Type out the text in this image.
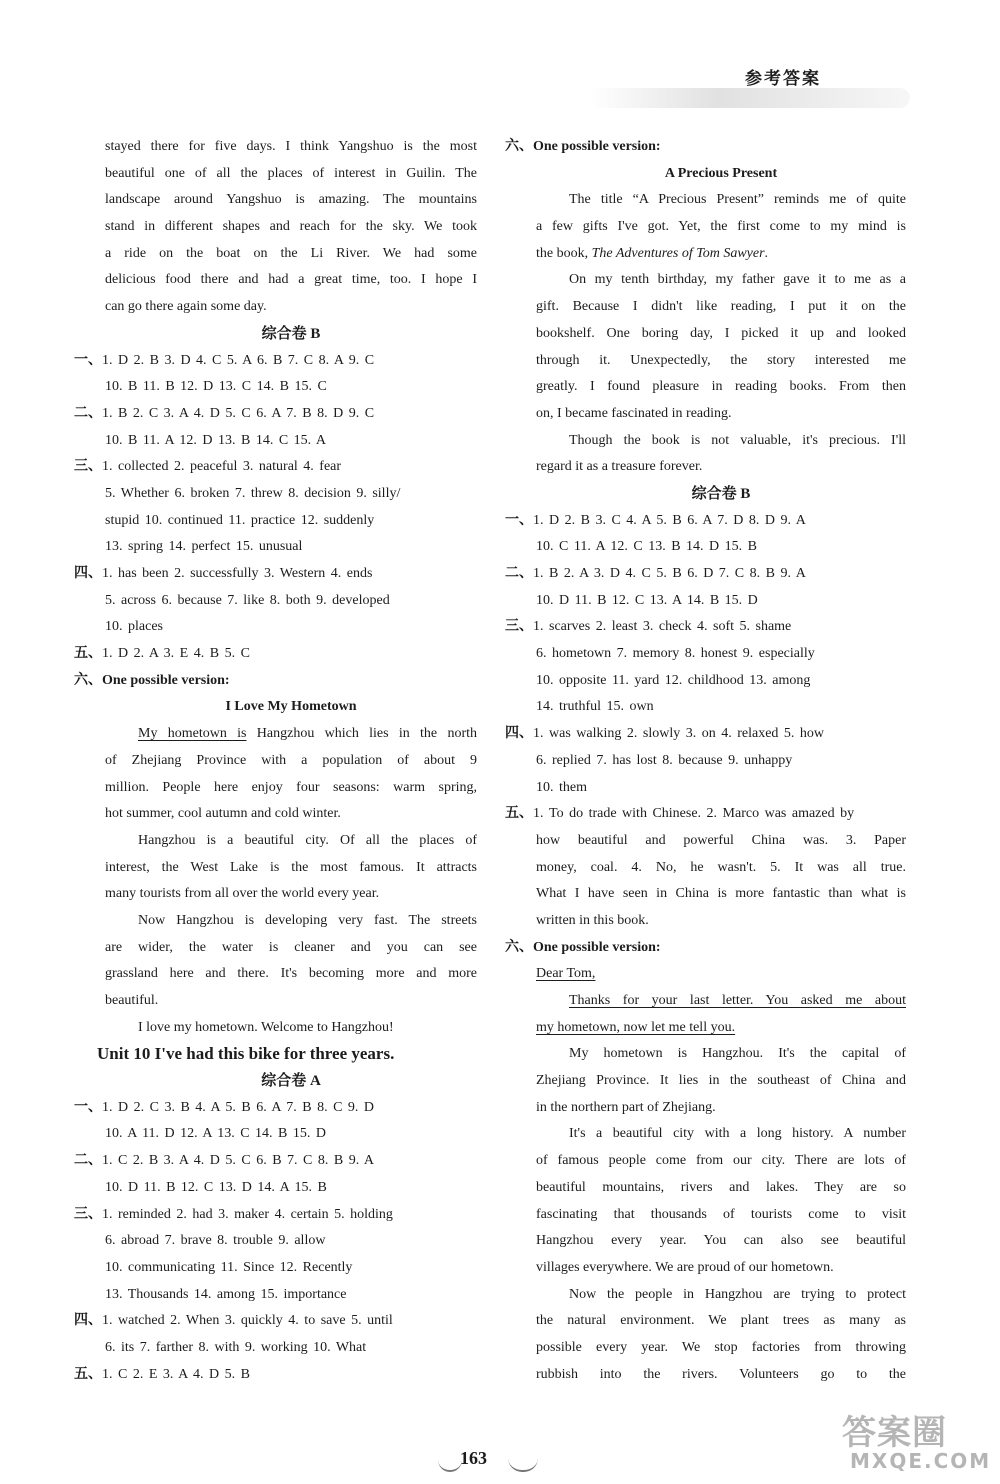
参考答案
stayed there for five days. I think Yangshuo is the most
beautiful one of all the places of interest in Guilin. The
landscape around Yangshuo is amazing. The mountains
stand in different shapes and reach for the sky. We took
a ride on the boat on the Li River. We had some
delicious food there and had a great time, too. I hope I
can go there again some day.
综合卷 B
一、1. D 2. B 3. D 4. C 5. A 6. B 7. C 8. A 9. C
10. B 11. B 12. D 13. C 14. B 15. C
二、1. B 2. C 3. A 4. D 5. C 6. A 7. B 8. D 9. C
10. B 11. A 12. D 13. B 14. C 15. A
三、1. collected 2. peaceful 3. natural 4. fear
5. Whether 6. broken 7. threw 8. decision 9. silly/
stupid 10. continued 11. practice 12. suddenly
13. spring 14. perfect 15. unusual
四、1. has been 2. successfully 3. Western 4. ends
5. across 6. because 7. like 8. both 9. developed
10. places
五、1. D 2. A 3. E 4. B 5. C
六、One possible version:
I Love My Hometown
My hometown is Hangzhou which lies in the north
of Zhejiang Province with a population of about 9
million. People here enjoy four seasons: warm spring,
hot summer, cool autumn and cold winter.
Hangzhou is a beautiful city. Of all the places of
interest, the West Lake is the most famous. It attracts
many tourists from all over the world every year.
Now Hangzhou is developing very fast. The streets
are wider, the water is cleaner and you can see
grassland here and there. It's becoming more and more
beautiful.
I love my hometown. Welcome to Hangzhou!
Unit 10 I've had this bike for three years.
综合卷 A
一、1. D 2. C 3. B 4. A 5. B 6. A 7. B 8. C 9. D
10. A 11. D 12. A 13. C 14. B 15. D
二、1. C 2. B 3. A 4. D 5. C 6. B 7. C 8. B 9. A
10. D 11. B 12. C 13. D 14. A 15. B
三、1. reminded 2. had 3. maker 4. certain 5. holding
6. abroad 7. brave 8. trouble 9. allow
10. communicating 11. Since 12. Recently
13. Thousands 14. among 15. importance
四、1. watched 2. When 3. quickly 4. to save 5. until
6. its 7. farther 8. with 9. working 10. What
五、1. C 2. E 3. A 4. D 5. B
六、One possible version:
A Precious Present
The title “A Precious Present” reminds me of quite
a few gifts I've got. Yet, the first come to my mind is
the book, The Adventures of Tom Sawyer.
On my tenth birthday, my father gave it to me as a
gift. Because I didn't like reading, I put it on the
bookshelf. One boring day, I picked it up and looked
through it. Unexpectedly, the story interested me
greatly. I found pleasure in reading books. From then
on, I became fascinated in reading.
Though the book is not valuable, it's precious. I'll
regard it as a treasure forever.
综合卷 B
一、1. D 2. B 3. C 4. A 5. B 6. A 7. D 8. D 9. A
10. C 11. A 12. C 13. B 14. D 15. B
二、1. B 2. A 3. D 4. C 5. B 6. D 7. C 8. B 9. A
10. D 11. B 12. C 13. A 14. B 15. D
三、1. scarves 2. least 3. check 4. soft 5. shame
6. hometown 7. memory 8. honest 9. especially
10. opposite 11. yard 12. childhood 13. among
14. truthful 15. own
四、1. was walking 2. slowly 3. on 4. relaxed 5. how
6. replied 7. has lost 8. because 9. unhappy
10. them
五、1. To do trade with Chinese. 2. Marco was amazed by
how beautiful and powerful China was. 3. Paper
money, coal. 4. No, he wasn't. 5. It was all true.
What I have seen in China is more fantastic than what is
written in this book.
六、One possible version:
Dear Tom,
Thanks for your last letter. You asked me about
my hometown, now let me tell you.
My hometown is Hangzhou. It's the capital of
Zhejiang Province. It lies in the southeast of China and
in the northern part of Zhejiang.
It's a beautiful city with a long history. A number
of famous people come from our city. There are lots of
beautiful mountains, rivers and lakes. They are so
fascinating that thousands of tourists come to visit
Hangzhou every year. You can also see beautiful
villages everywhere. We are proud of our hometown.
Now the people in Hangzhou are trying to protect
the natural environment. We plant trees as many as
possible every year. We stop factories from throwing
rubbish into the rivers. Volunteers go to the
163
答案圈
MXQE.COM
